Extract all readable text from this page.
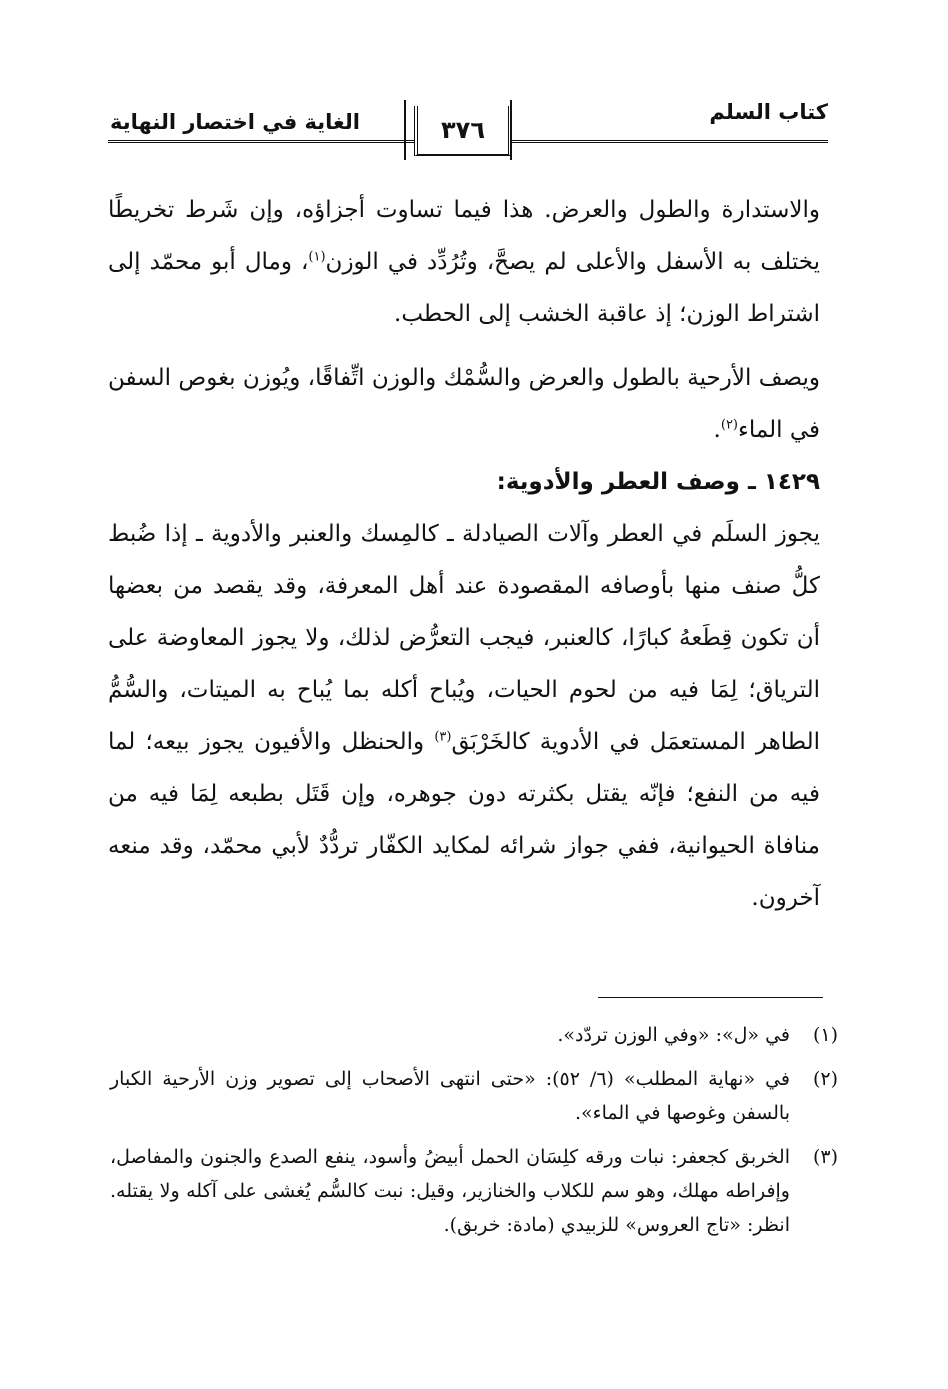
كتاب السلم
الغاية في اختصار النهاية	٣٧٦

والاستدارة والطول والعرض. هذا فيما تساوت أجزاؤه، وإن شَرط تخريطًا يختلف به الأسفل والأعلى لم يصحَّ، وتُرُدِّد في الوزن$^{(١)}$، ومال أبو محمّد إلى اشتراط الوزن؛ إذ عاقبة الخشب إلى الحطب.

ويصف الأرحية بالطول والعرض والسُّمْك والوزن اتِّفاقًا، ويُوزن بغوص السفن في الماء$^{(٢)}$.

١٤٢٩ ـ وصف العطر والأدوية:

يجوز السلَم في العطر وآلات الصيادلة ـ كالمِسك والعنبر والأدوية ـ إذا ضُبط كلُّ صنف منها بأوصافه المقصودة عند أهل المعرفة، وقد يقصد من بعضها أن تكون قِطَعهُ كبارًا، كالعنبر، فيجب التعرُّض لذلك، ولا يجوز المعاوضة على الترياق؛ لِمَا فيه من لحوم الحيات، ويُباح أكله بما يُباح به الميتات، والسُّمُّ الطاهر المستعمَل في الأدوية كالخَرْبَق$^{(٣)}$ والحنظل والأفيون يجوز بيعه؛ لما فيه من النفع؛ فإنّه يقتل بكثرته دون جوهره، وإن قَتَل بطبعه لِمَا فيه من منافاة الحيوانية، ففي جواز شرائه لمكايد الكفّار تردُّدٌ لأبي محمّد، وقد منعه آخرون.

(١)
في «ل»: «وفي الوزن تردّد».
(٢)
في «نهاية المطلب» (٦/ ٥٢): «حتى انتهى الأصحاب إلى تصوير وزن الأرحية الكبار بالسفن وغوصها في الماء».
(٣)
الخربق كجعفر: نبات ورقه كلِسَان الحمل أبيضُ وأسود، ينفع الصدع والجنون والمفاصل، وإفراطه مهلك، وهو سم للكلاب والخنازير، وقيل: نبت كالسُّم يُغشى على آكله ولا يقتله. انظر: «تاج العروس» للزبيدي (مادة: خربق).
